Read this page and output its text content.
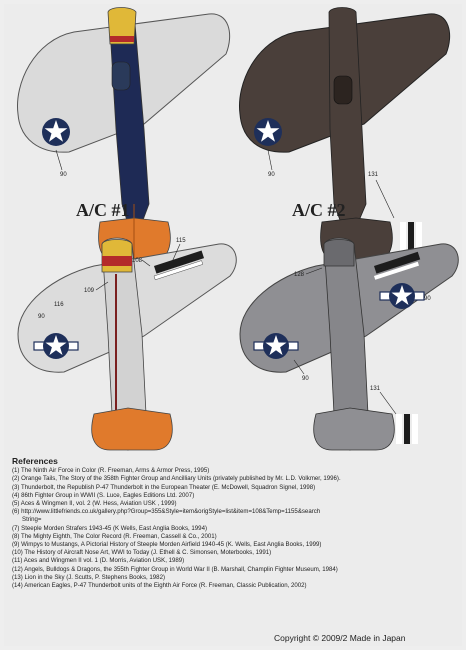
90	90	131
108
115
109
116
90
128
90
90
131
A/C #1	A/C #2
References
(1) The Ninth Air Force in Color (R. Freeman, Arms & Armor Press, 1995)
(2) Orange Tails, The Story of the 358th Fighter Group and Ancilliary Units (privately published by Mr. L.D. Volkmer, 1996).
(3) Thunderbolt, the Republish P-47 Thunderbolt in the European Theater (E. McDowell, Squadron Signel, 1998)
(4) 86th Fighter Group in WWII (S. Luce, Eagles Editions Ltd. 2007)
(5) Aces & Wingmen II, vol. 2 (W. Hess, Aviation USK , 1999)
(6) http://www.littlefriends.co.uk/gallery.php?Group=355&Style=item&origStyle=list&item=108&Temp=1155&search
String=
(7) Steeple Morden Strafers 1943-45 (K Wells, East Anglia Books, 1994)
(8) The Mighty Eighth, The Color Record (R. Freeman, Cassell & Co., 2001)
(9) Wimpys to Mustangs, A Pictorial History of Steeple Morden Airfield 1940-45 (K. Wells, East Anglia Books, 1999)
(10) The History of Aircraft Nose Art, WWI to Today (J. Ethell & C. Simonsen, Moterbooks, 1991)
(11) Aces and Wingmen II vol. 1 (D. Morris, Aviation USK, 1989)
(12) Angels, Bulldogs & Dragons, the 355th Fighter Group in World War II (B. Marshall, Champlin Fighter Museum, 1984)
(13) Lion in the Sky (J. Scutts, P. Stephens Books, 1982)
(14) American Eagles, P-47 Thunderbolt units of the Eighth Air Force (R. Freeman, Classic Publication, 2002)
Copyright © 2009/2 Made in Japan
